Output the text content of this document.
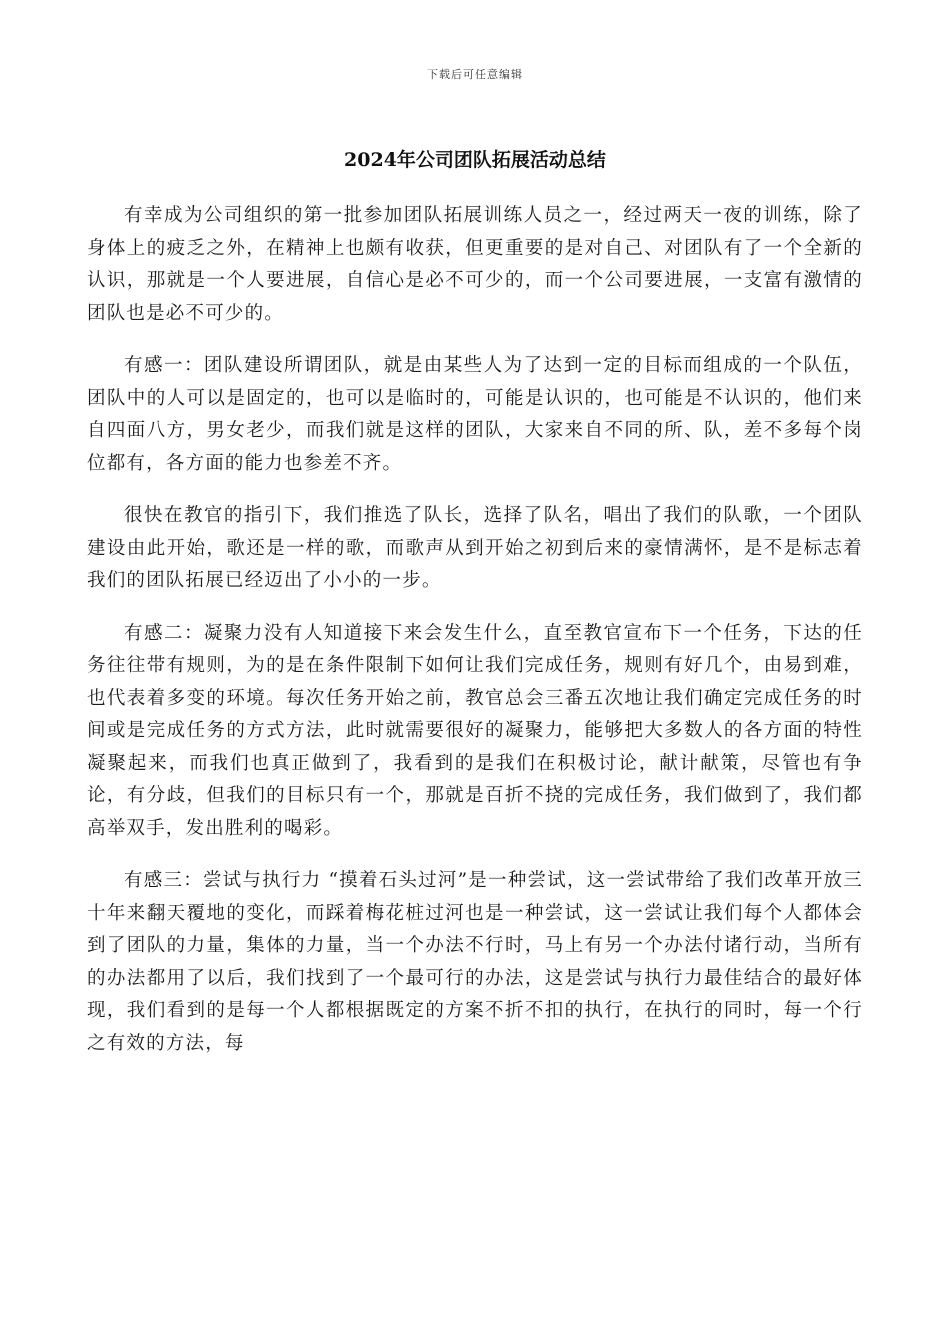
下载后可任意编辑
2024年公司团队拓展活动总结

有幸成为公司组织的第一批参加团队拓展训练人员之一，经过两天一夜的训练，除了身体上的疲乏之外，在精神上也颇有收获，但更重要的是对自己、对团队有了一个全新的认识，那就是一个人要进展，自信心是必不可少的，而一个公司要进展，一支富有激情的团队也是必不可少的。

有感一：团队建设所谓团队，就是由某些人为了达到一定的目标而组成的一个队伍，团队中的人可以是固定的，也可以是临时的，可能是认识的，也可能是不认识的，他们来自四面八方，男女老少，而我们就是这样的团队，大家来自不同的所、队，差不多每个岗位都有，各方面的能力也参差不齐。

很快在教官的指引下，我们推选了队长，选择了队名，唱出了我们的队歌，一个团队建设由此开始，歌还是一样的歌，而歌声从到开始之初到后来的豪情满怀，是不是标志着我们的团队拓展已经迈出了小小的一步。

有感二：凝聚力没有人知道接下来会发生什么，直至教官宣布下一个任务，下达的任务往往带有规则，为的是在条件限制下如何让我们完成任务，规则有好几个，由易到难，也代表着多变的环境。每次任务开始之前，教官总会三番五次地让我们确定完成任务的时间或是完成任务的方式方法，此时就需要很好的凝聚力，能够把大多数人的各方面的特性凝聚起来，而我们也真正做到了，我看到的是我们在积极讨论，献计献策，尽管也有争论，有分歧，但我们的目标只有一个，那就是百折不挠的完成任务，我们做到了，我们都高举双手，发出胜利的喝彩。

有感三：尝试与执行力 “摸着石头过河”是一种尝试，这一尝试带给了我们改革开放三十年来翻天覆地的变化，而踩着梅花桩过河也是一种尝试，这一尝试让我们每个人都体会到了团队的力量，集体的力量，当一个办法不行时，马上有另一个办法付诸行动，当所有的办法都用了以后，我们找到了一个最可行的办法，这是尝试与执行力最佳结合的最好体现，我们看到的是每一个人都根据既定的方案不折不扣的执行，在执行的同时，每一个行之有效的方法，每
